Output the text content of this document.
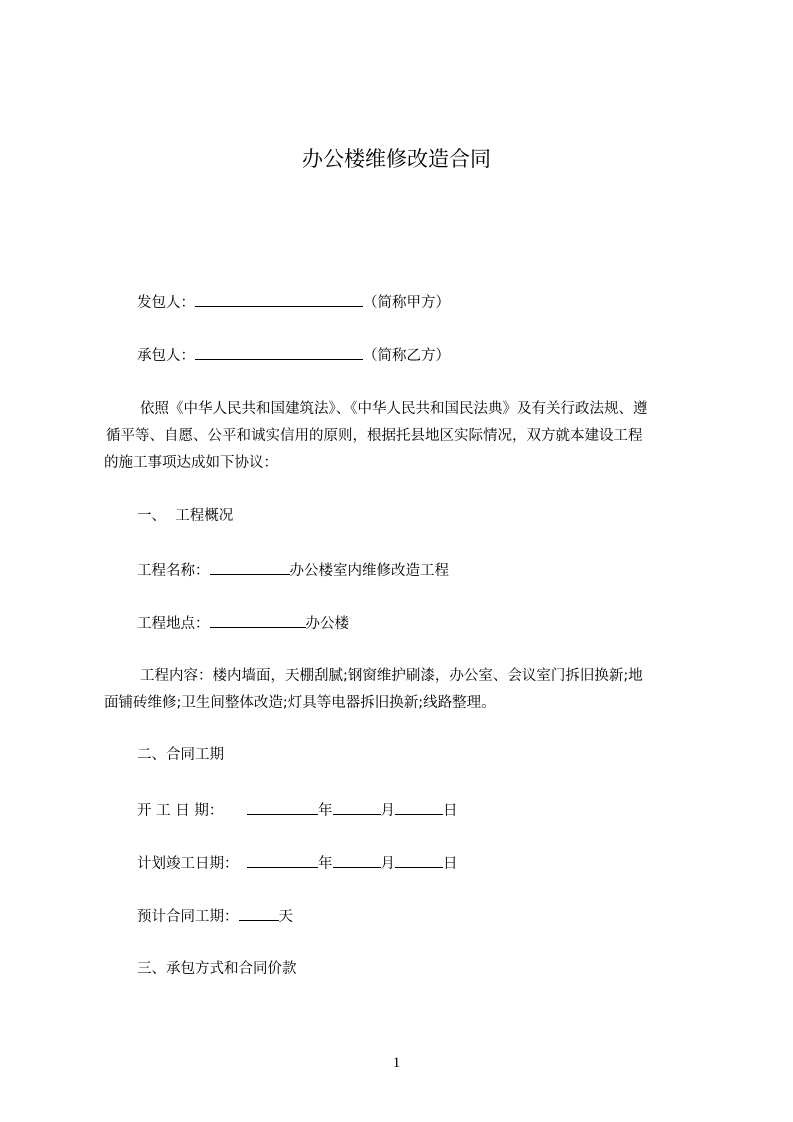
办公楼维修改造合同
发包人：	（简称甲方）
承包人：	（简称乙方）
依照《中华人民共和国建筑法》、《中华人民共和国民法典》及有关行政法规、遵
循平等、自愿、公平和诚实信用的原则，根据托县地区实际情况，双方就本建设工程
的施工事项达成如下协议：
一、  工程概况
工程名称：	办公楼室内维修改造工程
工程地点：	办公楼
工程内容：楼内墙面，天棚刮腻;钢窗维护刷漆，办公室、会议室门拆旧换新;地
面铺砖维修;卫生间整体改造;灯具等电器拆旧换新;线路整理。
二、合同工期
开 工 日 期：	年	月	日
计划竣工日期：	年	月	日
预计合同工期：	天
三、承包方式和合同价款
1
